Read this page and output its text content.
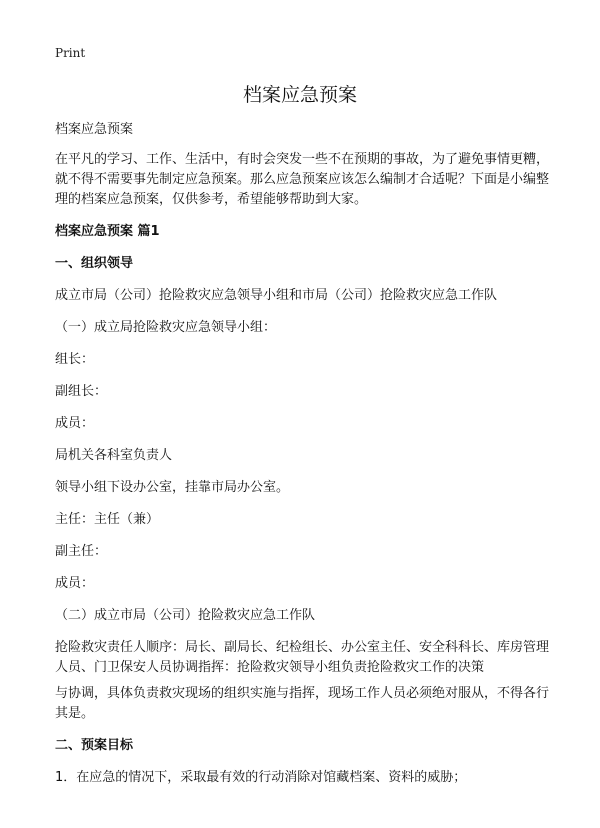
Print
档案应急预案

档案应急预案

在平凡的学习、工作、生活中，有时会突发一些不在预期的事故，为了避免事情更糟，就不得不需要事先制定应急预案。那么应急预案应该怎么编制才合适呢？下面是小编整理的档案应急预案，仅供参考，希望能够帮助到大家。

档案应急预案 篇1

一、组织领导

成立市局（公司）抢险救灾应急领导小组和市局（公司）抢险救灾应急工作队

（一）成立局抢险救灾应急领导小组：

组长：

副组长：

成员：

局机关各科室负责人

领导小组下设办公室，挂靠市局办公室。

主任：主任（兼）

副主任：

成员：

（二）成立市局（公司）抢险救灾应急工作队

抢险救灾责任人顺序：局长、副局长、纪检组长、办公室主任、安全科科长、库房管理人员、门卫保安人员协调指挥：抢险救灾领导小组负责抢险救灾工作的决策

与协调，具体负责救灾现场的组织实施与指挥，现场工作人员必须绝对服从，不得各行其是。

二、预案目标

1．在应急的情况下，采取最有效的行动消除对馆藏档案、资料的威胁；
